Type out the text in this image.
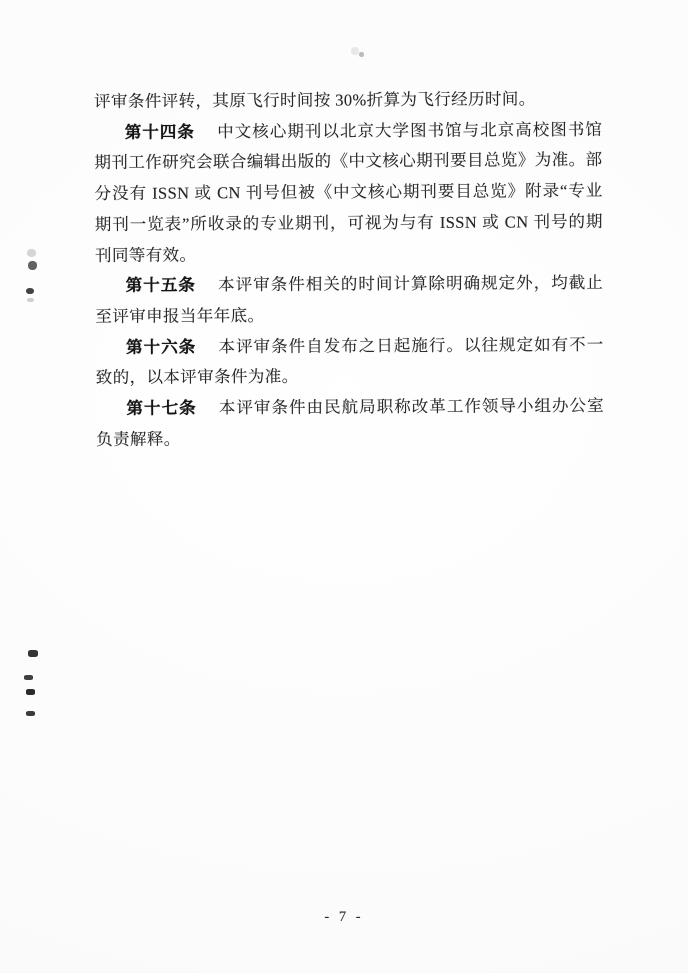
评审条件评转，其原飞行时间按 30%折算为飞行经历时间。

第十四条 中文核心期刊以北京大学图书馆与北京高校图书馆期刊工作研究会联合编辑出版的《中文核心期刊要目总览》为准。部分没有 ISSN 或 CN 刊号但被《中文核心期刊要目总览》附录“专业期刊一览表”所收录的专业期刊，可视为与有 ISSN 或 CN 刊号的期刊同等有效。

第十五条 本评审条件相关的时间计算除明确规定外，均截止至评审申报当年年底。

第十六条 本评审条件自发布之日起施行。以往规定如有不一致的，以本评审条件为准。

第十七条 本评审条件由民航局职称改革工作领导小组办公室负责解释。

- 7 -
